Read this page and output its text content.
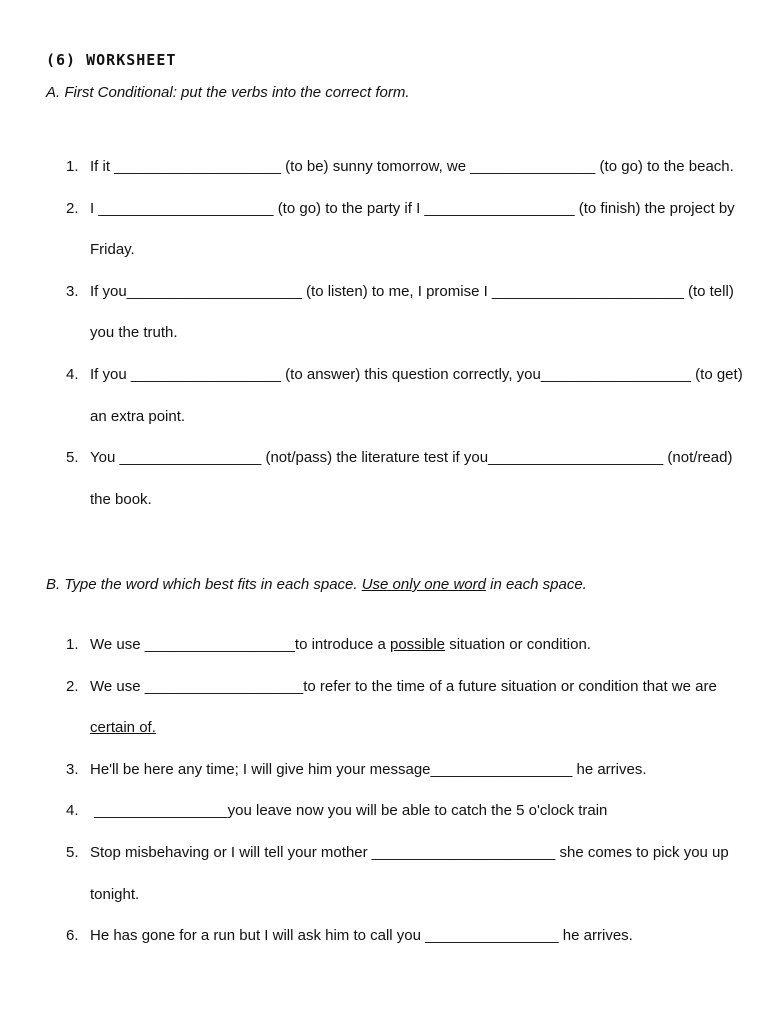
(6) WORKSHEET
A. First Conditional: put the verbs into the correct form.
1. If it ____________________ (to be) sunny tomorrow, we _______________ (to go) to the beach.
2. I _____________________ (to go) to the party if I __________________ (to finish) the project by
Friday.
3. If you_____________________ (to listen) to me, I promise I _______________________ (to tell)
you the truth.
4. If you __________________ (to answer) this question correctly, you__________________ (to get)
an extra point.
5. You _________________ (not/pass) the literature test if you_____________________ (not/read)
the book.
B. Type the word which best fits in each space. Use only one word in each space.
1. We use __________________to introduce a possible situation or condition.
2. We use ___________________to refer to the time of a future situation or condition that we are
certain of.
3. He'll be here any time; I will give him your message_________________ he arrives.
4. ________________you leave now you will be able to catch the 5 o'clock train
5. Stop misbehaving or I will tell your mother ______________________ she comes to pick you up
tonight.
6. He has gone for a run but I will ask him to call you ________________ he arrives.
